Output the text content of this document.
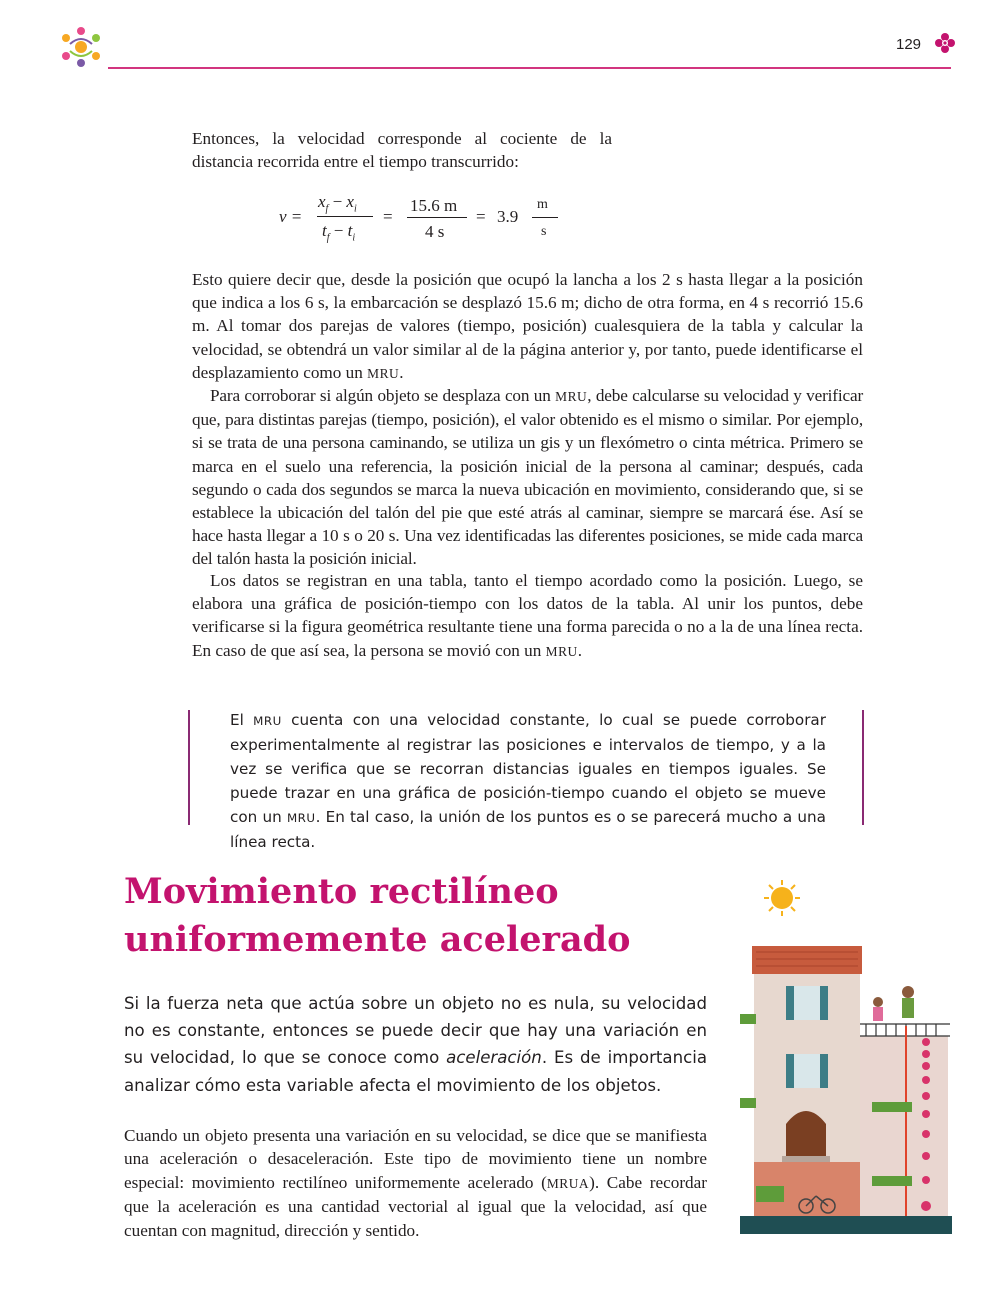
129

Entonces, la velocidad corresponde al cociente de la distancia recorrida entre el tiempo transcurrido:

v =
$x_f - x_i$
$t_f - t_i$
=
15.6 m
4 s
= 3.9
m
s

Esto quiere decir que, desde la posición que ocupó la lancha a los 2 s hasta llegar a la posición que indica a los 6 s, la embarcación se desplazó 15.6 m; dicho de otra forma, en 4 s recorrió 15.6 m. Al tomar dos parejas de valores (tiempo, posición) cualesquiera de la tabla y calcular la velocidad, se obtendrá un valor similar al de la página anterior y, por tanto, puede identificarse el desplazamiento como un MRU.

Para corroborar si algún objeto se desplaza con un MRU, debe calcularse su velocidad y verificar que, para distintas parejas (tiempo, posición), el valor obtenido es el mismo o similar. Por ejemplo, si se trata de una persona caminando, se utiliza un gis y un flexómetro o cinta métrica. Primero se marca en el suelo una referencia, la posición inicial de la persona al caminar; después, cada segundo o cada dos segundos se marca la nueva ubicación en movimiento, considerando que, si se establece la ubicación del talón del pie que esté atrás al caminar, siempre se marcará ése. Así se hace hasta llegar a 10 s o 20 s. Una vez identificadas las diferentes posiciones, se mide cada marca del talón hasta la posición inicial.

Los datos se registran en una tabla, tanto el tiempo acordado como la posición. Luego, se elabora una gráfica de posición-tiempo con los datos de la tabla. Al unir los puntos, debe verificarse si la figura geométrica resultante tiene una forma parecida o no a la de una línea recta. En caso de que así sea, la persona se movió con un MRU.

El MRU cuenta con una velocidad constante, lo cual se puede corroborar experimentalmente al registrar las posiciones e intervalos de tiempo, y a la vez se verifica que se recorran distancias iguales en tiempos iguales. Se puede trazar en una gráfica de posición-tiempo cuando el objeto se mueve con un MRU. En tal caso, la unión de los puntos es o se parecerá mucho a una línea recta.

Movimiento rectilíneo
uniformemente acelerado

Si la fuerza neta que actúa sobre un objeto no es nula, su velocidad no es constante, entonces se puede decir que hay una variación en su velocidad, lo que se conoce como aceleración. Es de importancia analizar cómo esta variable afecta el movimiento de los objetos.

Cuando un objeto presenta una variación en su velocidad, se dice que se manifiesta una aceleración o desaceleración. Este tipo de movimiento tiene un nombre especial: movimiento rectilíneo uniformemente acelerado (MRUA). Cabe recordar que la aceleración es una cantidad vectorial al igual que la velocidad, así que cuentan con magnitud, dirección y sentido.
